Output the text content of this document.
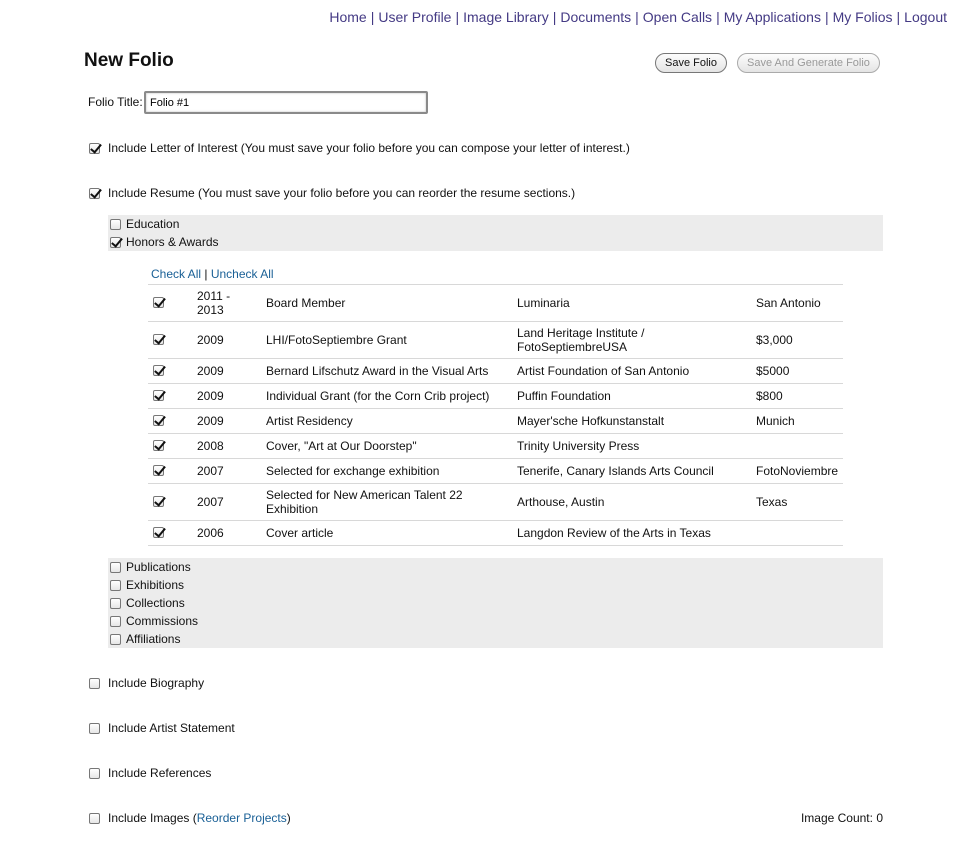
Home | User Profile | Image Library | Documents | Open Calls | My Applications | My Folios | Logout
New Folio	Save Folio	Save And Generate Folio
Folio Title:
Folio #1
Include Letter of Interest (You must save your folio before you can compose your letter of interest.)
Include Resume (You must save your folio before you can reorder the resume sections.)
Education
Honors & Awards
Check All | Uncheck All
2011 - 2013	Board Member	Luminaria	San Antonio
2009	LHI/FotoSeptiembre Grant	Land Heritage Institute / FotoSeptiembreUSA	$3,000
2009	Bernard Lifschutz Award in the Visual Arts	Artist Foundation of San Antonio	$5000
2009	Individual Grant (for the Corn Crib project)	Puffin Foundation	$800
2009	Artist Residency	Mayer'sche Hofkunstanstalt	Munich
2008	Cover, "Art at Our Doorstep"	Trinity University Press
2007	Selected for exchange exhibition	Tenerife, Canary Islands Arts Council	FotoNoviembre
2007	Selected for New American Talent 22 Exhibition	Arthouse, Austin	Texas
2006	Cover article	Langdon Review of the Arts in Texas
Publications
Exhibitions
Collections
Commissions
Affiliations
Include Biography
Include Artist Statement
Include References
Include Images (Reorder Projects)	Image Count: 0
